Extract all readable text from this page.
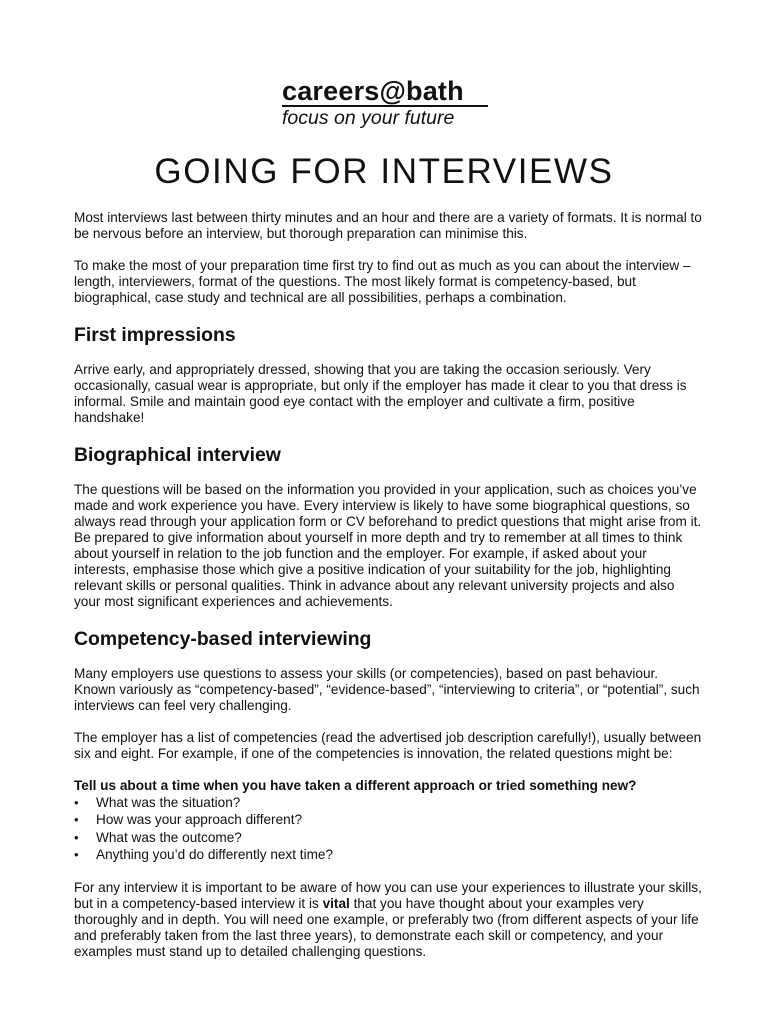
careers@bath
focus on your future
GOING FOR INTERVIEWS

Most interviews last between thirty minutes and an hour and there are a variety of formats. It is normal to be nervous before an interview, but thorough preparation can minimise this.

To make the most of your preparation time first try to find out as much as you can about the interview – length, interviewers, format of the questions. The most likely format is competency-based, but biographical, case study and technical are all possibilities, perhaps a combination.

First impressions

Arrive early, and appropriately dressed, showing that you are taking the occasion seriously. Very occasionally, casual wear is appropriate, but only if the employer has made it clear to you that dress is informal. Smile and maintain good eye contact with the employer and cultivate a firm, positive handshake!

Biographical interview

The questions will be based on the information you provided in your application, such as choices you’ve made and work experience you have. Every interview is likely to have some biographical questions, so always read through your application form or CV beforehand to predict questions that might arise from it. Be prepared to give information about yourself in more depth and try to remember at all times to think about yourself in relation to the job function and the employer. For example, if asked about your interests, emphasise those which give a positive indication of your suitability for the job, highlighting relevant skills or personal qualities. Think in advance about any relevant university projects and also your most significant experiences and achievements.

Competency-based interviewing

Many employers use questions to assess your skills (or competencies), based on past behaviour. Known variously as “competency-based”, “evidence-based”, “interviewing to criteria”, or “potential”, such interviews can feel very challenging.

The employer has a list of competencies (read the advertised job description carefully!), usually between six and eight. For example, if one of the competencies is innovation, the related questions might be:

Tell us about a time when you have taken a different approach or tried something new?

• What was the situation?
• How was your approach different?
• What was the outcome?
• Anything you’d do differently next time?

For any interview it is important to be aware of how you can use your experiences to illustrate your skills, but in a competency-based interview it is vital that you have thought about your examples very thoroughly and in depth. You will need one example, or preferably two (from different aspects of your life and preferably taken from the last three years), to demonstrate each skill or competency, and your examples must stand up to detailed challenging questions.
